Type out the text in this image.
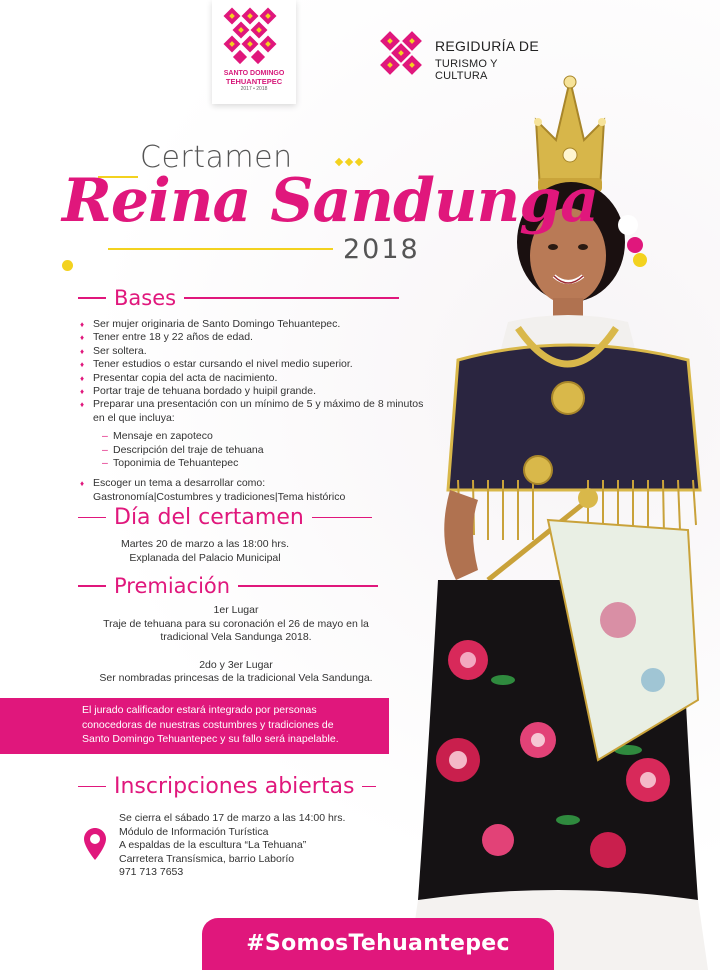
SANTO DOMINGO
TEHUANTEPEC
2017 • 2018
REGIDURÍA DE
TURISMO Y CULTURA
Certamen
Reina Sandunga
2018
Bases
♦ Ser mujer originaria de Santo Domingo Tehuantepec.
♦ Tener entre 18 y 22 años de edad.
♦ Ser soltera.
♦ Tener estudios o estar cursando el nivel medio superior.
♦ Presentar copia del acta de nacimiento.
♦ Portar traje de tehuana bordado y huipil grande.
♦ Preparar una presentación con un mínimo de 5 y máximo de 8 minutos
en el que incluya:
– Mensaje en zapoteco
– Descripción del traje de tehuana
– Toponimia de Tehuantepec
♦ Escoger un tema a desarrollar como:
Gastronomía|Costumbres y tradiciones|Tema histórico
Día del certamen
Martes 20 de marzo a las 18:00 hrs.
Explanada del Palacio Municipal
Premiación
1er Lugar
Traje de tehuana para su coronación el 26 de mayo en la
tradicional Vela Sandunga 2018.
2do y 3er Lugar
Ser nombradas princesas de la tradicional Vela Sandunga.
El jurado calificador estará integrado por personas
conocedoras de nuestras costumbres y tradiciones de
Santo Domingo Tehuantepec y su fallo será inapelable.
Inscripciones abiertas
Se cierra el sábado 17 de marzo a las 14:00 hrs.
Módulo de Información Turística
A espaldas de la escultura “La Tehuana”
Carretera Transísmica, barrio Laborío
971 713 7653
#SomosTehuantepec
